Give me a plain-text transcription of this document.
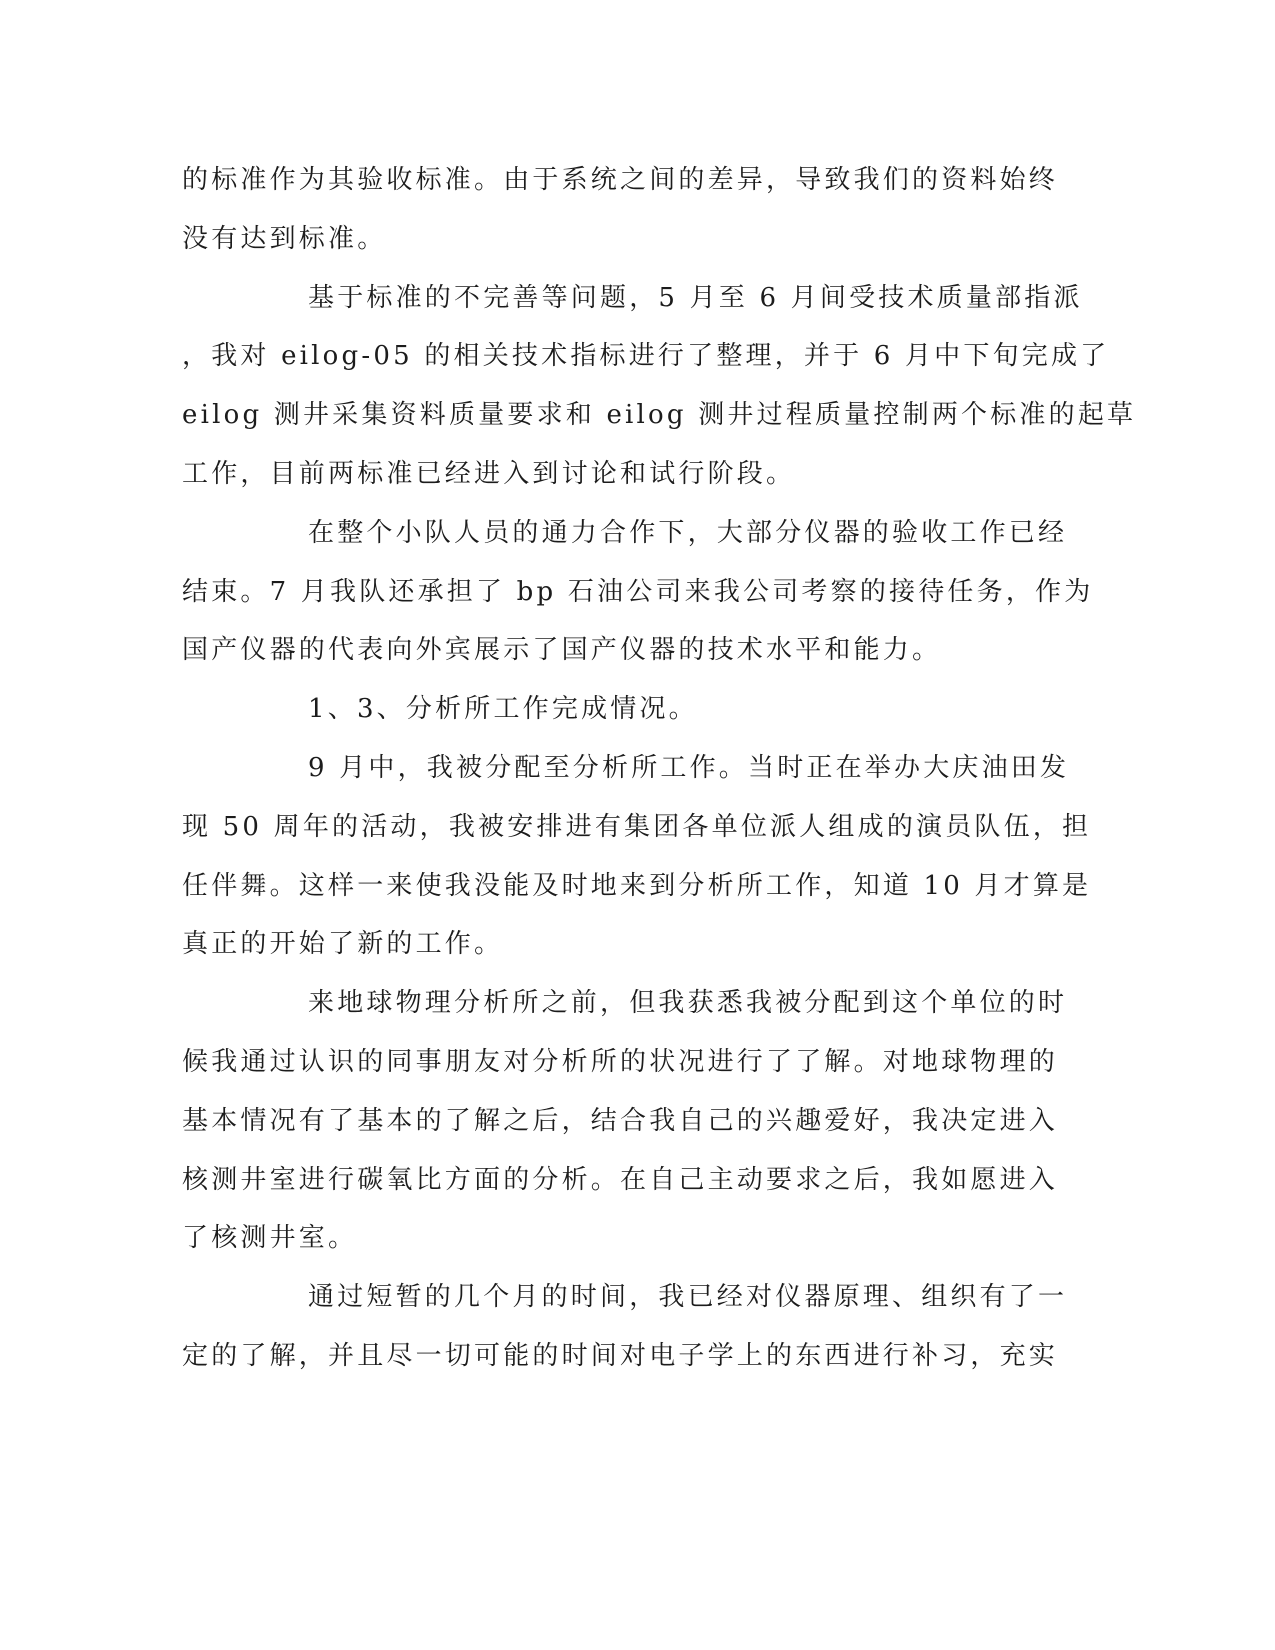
的标准作为其验收标准。由于系统之间的差异，导致我们的资料始终
没有达到标准。

基于标准的不完善等问题，5 月至 6 月间受技术质量部指派
，我对 eilog-05 的相关技术指标进行了整理，并于 6 月中下旬完成了
eilog 测井采集资料质量要求和 eilog 测井过程质量控制两个标准的起草
工作，目前两标准已经进入到讨论和试行阶段。

在整个小队人员的通力合作下，大部分仪器的验收工作已经
结束。7 月我队还承担了 bp 石油公司来我公司考察的接待任务，作为
国产仪器的代表向外宾展示了国产仪器的技术水平和能力。

1、3、分析所工作完成情况。

9 月中，我被分配至分析所工作。当时正在举办大庆油田发
现 50 周年的活动，我被安排进有集团各单位派人组成的演员队伍，担
任伴舞。这样一来使我没能及时地来到分析所工作，知道 10 月才算是
真正的开始了新的工作。

来地球物理分析所之前，但我获悉我被分配到这个单位的时
候我通过认识的同事朋友对分析所的状况进行了了解。对地球物理的
基本情况有了基本的了解之后，结合我自己的兴趣爱好，我决定进入
核测井室进行碳氧比方面的分析。在自己主动要求之后，我如愿进入
了核测井室。

通过短暂的几个月的时间，我已经对仪器原理、组织有了一
定的了解，并且尽一切可能的时间对电子学上的东西进行补习，充实
